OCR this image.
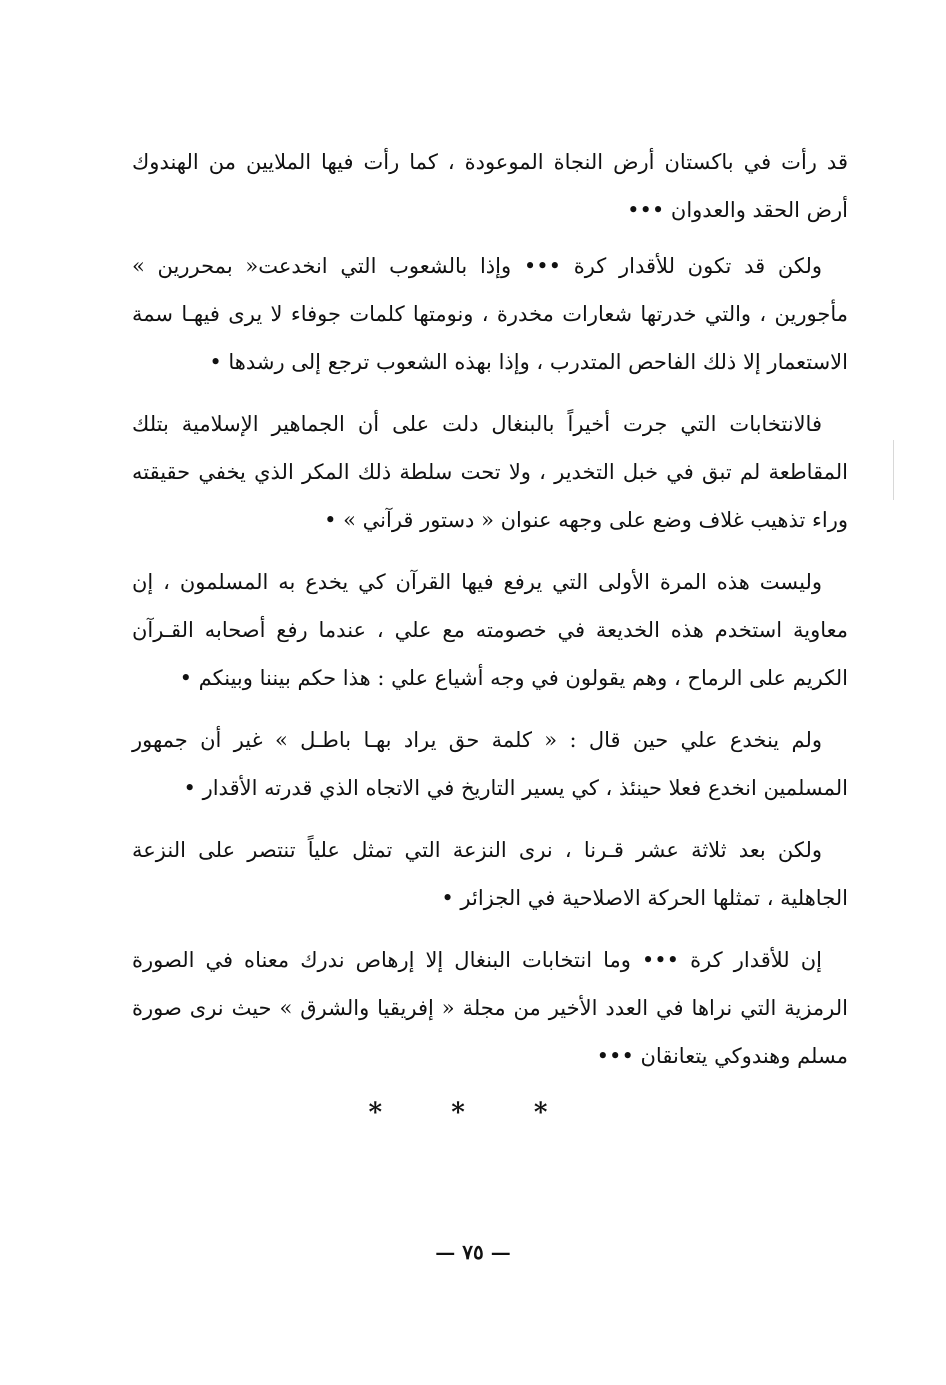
قد رأت في باكستان أرض النجاة الموعودة ، كما رأت فيها الملايين من الهندوك أرض الحقد والعدوان •••

ولكن قد تكون للأقدار كرة ••• وإذا بالشعوب التي انخدعت« بمحررين » مأجورين ، والتي خدرتها شعارات مخدرة ، ونومتها كلمات جوفاء لا يرى فيهـا سمة الاستعمار إلا ذلك الفاحص المتدرب ، وإذا بهذه الشعوب ترجع إلى رشدها •

فالانتخابات التي جرت أخيراً بالبنغال دلت على أن الجماهير الإسلامية بتلك المقاطعة لم تبق في خبل التخدير ، ولا تحت سلطة ذلك المكر الذي يخفي حقيقته وراء تذهيب غلاف وضع على وجهه عنوان « دستور قرآني » •

وليست هذه المرة الأولى التي يرفع فيها القرآن كي يخدع به المسلمون ، إن معاوية استخدم هذه الخديعة في خصومته مع علي ، عندما رفع أصحابه القـرآن الكريم على الرماح ، وهم يقولون في وجه أشياع علي : هذا حكم بيننا وبينكم •

ولم ينخدع علي حين قال : « كلمة حق يراد بهـا باطـل » غير أن جمهور المسلمين انخدع فعلا حينئذ ، كي يسير التاريخ في الاتجاه الذي قدرته الأقدار •

ولكن بعد ثلاثة عشر قـرنا ، نرى النزعة التي تمثل علياً تنتصر على النزعة الجاهلية ، تمثلها الحركة الاصلاحية في الجزائر •

إن للأقدار كرة ••• وما انتخابات البنغال إلا إرهاص ندرك معناه في الصورة الرمزية التي نراها في العدد الأخير من مجلة « إفريقيا والشرق » حيث نرى صورة مسلم وهندوكي يتعانقان •••

* * *
— ٧٥ —
